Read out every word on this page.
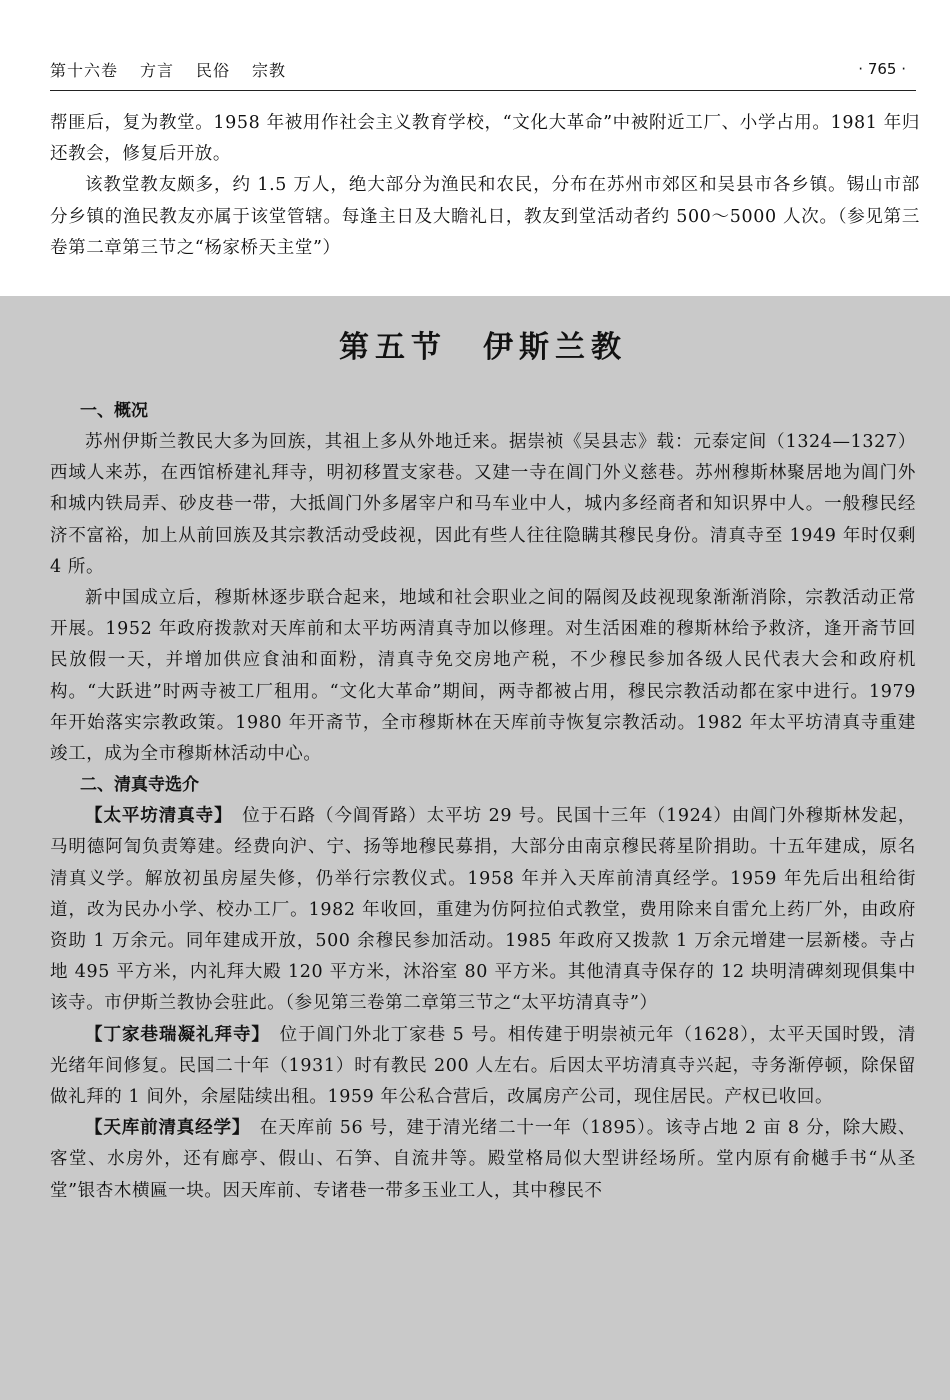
第十六卷 方言 民俗 宗教	· 765 ·

帮匪后，复为教堂。1958 年被用作社会主义教育学校，“文化大革命”中被附近工厂、小学占用。1981 年归还教会，修复后开放。

该教堂教友颇多，约 1.5 万人，绝大部分为渔民和农民，分布在苏州市郊区和吴县市各乡镇。锡山市部分乡镇的渔民教友亦属于该堂管辖。每逢主日及大瞻礼日，教友到堂活动者约 500～5000 人次。（参见第三卷第二章第三节之“杨家桥天主堂”）

第五节　伊斯兰教
一、概况

苏州伊斯兰教民大多为回族，其祖上多从外地迁来。据崇祯《吴县志》载：元泰定间（1324—1327）西域人来苏，在西馆桥建礼拜寺，明初移置支家巷。又建一寺在阊门外义慈巷。苏州穆斯林聚居地为阊门外和城内铁局弄、砂皮巷一带，大抵阊门外多屠宰户和马车业中人，城内多经商者和知识界中人。一般穆民经济不富裕，加上从前回族及其宗教活动受歧视，因此有些人往往隐瞒其穆民身份。清真寺至 1949 年时仅剩 4 所。

新中国成立后，穆斯林逐步联合起来，地域和社会职业之间的隔阂及歧视现象渐渐消除，宗教活动正常开展。1952 年政府拨款对天库前和太平坊两清真寺加以修理。对生活困难的穆斯林给予救济，逢开斋节回民放假一天，并增加供应食油和面粉，清真寺免交房地产税，不少穆民参加各级人民代表大会和政府机构。“大跃进”时两寺被工厂租用。“文化大革命”期间，两寺都被占用，穆民宗教活动都在家中进行。1979 年开始落实宗教政策。1980 年开斋节，全市穆斯林在天库前寺恢复宗教活动。1982 年太平坊清真寺重建竣工，成为全市穆斯林活动中心。

二、清真寺选介

【太平坊清真寺】　位于石路（今阊胥路）太平坊 29 号。民国十三年（1924）由阊门外穆斯林发起，马明德阿訇负责筹建。经费向沪、宁、扬等地穆民募捐，大部分由南京穆民蒋星阶捐助。十五年建成，原名清真义学。解放初虽房屋失修，仍举行宗教仪式。1958 年并入天库前清真经学。1959 年先后出租给街道，改为民办小学、校办工厂。1982 年收回，重建为仿阿拉伯式教堂，费用除来自雷允上药厂外，由政府资助 1 万余元。同年建成开放，500 余穆民参加活动。1985 年政府又拨款 1 万余元增建一层新楼。寺占地 495 平方米，内礼拜大殿 120 平方米，沐浴室 80 平方米。其他清真寺保存的 12 块明清碑刻现俱集中该寺。市伊斯兰教协会驻此。（参见第三卷第二章第三节之“太平坊清真寺”）

【丁家巷瑞凝礼拜寺】　位于阊门外北丁家巷 5 号。相传建于明崇祯元年（1628），太平天国时毁，清光绪年间修复。民国二十年（1931）时有教民 200 人左右。后因太平坊清真寺兴起，寺务渐停顿，除保留做礼拜的 1 间外，余屋陆续出租。1959 年公私合营后，改属房产公司，现住居民。产权已收回。

【天库前清真经学】　在天库前 56 号，建于清光绪二十一年（1895）。该寺占地 2 亩 8 分，除大殿、客堂、水房外，还有廊亭、假山、石笋、自流井等。殿堂格局似大型讲经场所。堂内原有俞樾手书“从圣堂”银杏木横匾一块。因天库前、专诸巷一带多玉业工人，其中穆民不
